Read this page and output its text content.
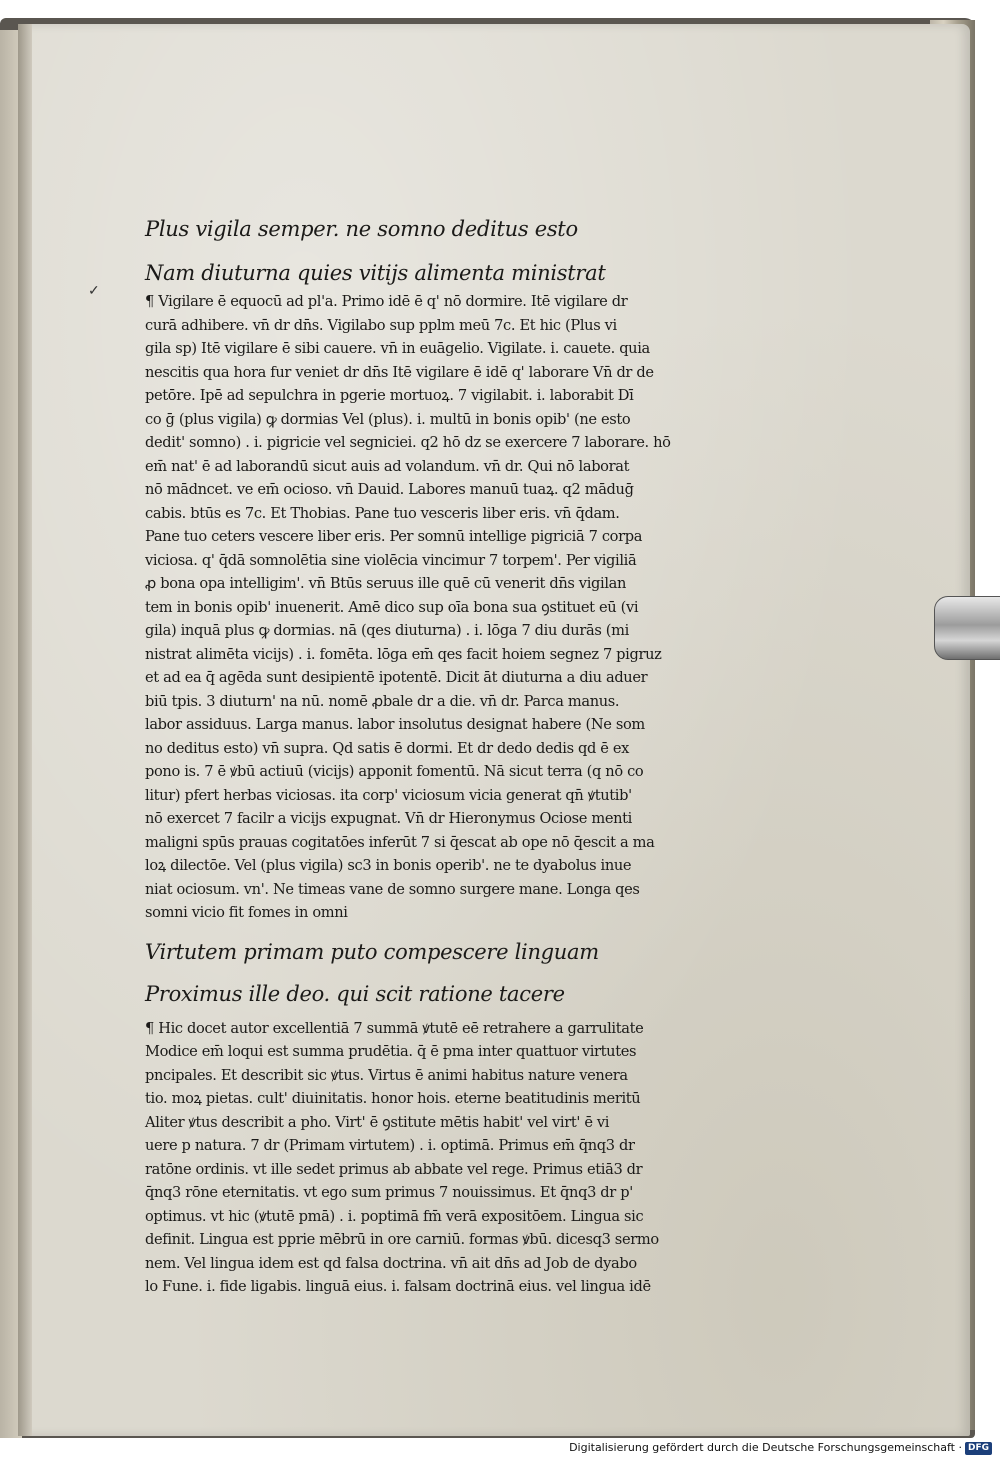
✓

Plus vigila semper. ne somno deditus esto

Nam diuturna quies vitijs alimenta ministrat

¶ Vigilare ē equocū ad pl'a. Primo idē ē q' nō dormire. Itē vigilare dr
curā adhibere. vn̄ dr dn̄s. Vigilabo sup pplm meū 7c. Et hic (Plus vi
gila sp) Itē vigilare ē sibi cauere. vn̄ in euāgelio. Vigilate. i. cauete. quia
nescitis qua hora fur veniet dr dn̄s Itē vigilare ē idē q' laborare Vn̄ dr de
petōre. Ipē ad sepulchra in pgerie mortuoꝝ. 7 vigilabit. i. laborabit Dī
co ḡ (plus vigila) ꝙ dormias Vel (plus). i. multū in bonis opib' (ne esto
dedit' somno) . i. pigricie vel segniciei. q2 hō dz se exercere 7 laborare. hō
em̄ nat' ē ad laborandū sicut auis ad volandum. vn̄ dr. Qui nō laborat
nō mādncet. ve em̄ ocioso. vn̄ Dauid. Labores manuū tuaꝝ. q2 māduḡ
cabis. btūs es 7c. Et Thobias. Pane tuo vesceris liber eris. vn̄ q̄dam.
Pane tuo ceters vescere liber eris. Per somnū intellige pigriciā 7 corpa
viciosa. q' q̄dā somnolētia sine violēcia vincimur 7 torpem'. Per vigiliā
ꝓ bona opa intelligim'. vn̄ Btūs seruus ille quē cū venerit dn̄s vigilan
tem in bonis opib' inuenerit. Amē dico sup oīa bona sua ꝯstituet eū (vi
gila) inquā plus ꝙ dormias. nā (qes diuturna) . i. lōga 7 diu durās (mi
nistrat alimēta vicijs) . i. fomēta. lōga em̄ qes facit hoiem segnez 7 pigruz
et ad ea q̄ agēda sunt desipientē ipotentē. Dicit āt diuturna a diu aduer
biū tpis. 3 diuturn' na nū. nomē ꝓbale dr a die. vn̄ dr. Parca manus.
labor assiduus. Larga manus. labor insolutus designat habere (Ne som
no deditus esto) vn̄ supra. Qd satis ē dormi. Et dr dedo dedis qd ē ex
pono is. 7 ē ꝟbū actiuū (vicijs) apponit fomentū. Nā sicut terra (q nō co
litur) pfert herbas viciosas. ita corp' viciosum vicia generat qn̄ ꝟtutib'
nō exercet 7 facilr a vicijs expugnat. Vn̄ dr Hieronymus Ociose menti
maligni spūs prauas cogitatōes inferūt 7 si q̄escat ab ope nō q̄escit a ma
loꝝ dilectōe. Vel (plus vigila) sc3 in bonis operib'. ne te dyabolus inue
niat ociosum. vn'. Ne timeas vane de somno surgere mane. Longa qes
somni vicio fit fomes in omni

Virtutem primam puto compescere linguam

Proximus ille deo. qui scit ratione tacere

¶ Hic docet autor excellentiā 7 summā ꝟtutē eē retrahere a garrulitate
Modice em̄ loqui est summa prudētia. q̄ ē pma inter quattuor virtutes
pncipales. Et describit sic ꝟtus. Virtus ē animi habitus nature venera
tio. moꝝ pietas. cult' diuinitatis. honor hois. eterne beatitudinis meritū
Aliter ꝟtus describit a pho. Virt' ē ꝯstitute mētis habit' vel virt' ē vi
uere p natura. 7 dr (Primam virtutem) . i. optimā. Primus em̄ q̄nq3 dr
ratōne ordinis. vt ille sedet primus ab abbate vel rege. Primus etiā3 dr
q̄nq3 rōne eternitatis. vt ego sum primus 7 nouissimus. Et q̄nq3 dr p'
optimus. vt hic (ꝟtutē pmā) . i. poptimā fm̄ verā expositōem. Lingua sic
definit. Lingua est pprie mēbrū in ore carniū. formas ꝟbū. dicesq3 sermo
nem. Vel lingua idem est qd falsa doctrina. vn̄ ait dn̄s ad Job de dyabo
lo Fune. i. fide ligabis. linguā eius. i. falsam doctrinā eius. vel lingua idē
Digitalisierung gefördert durch die Deutsche Forschungsgemeinschaft · DFG
